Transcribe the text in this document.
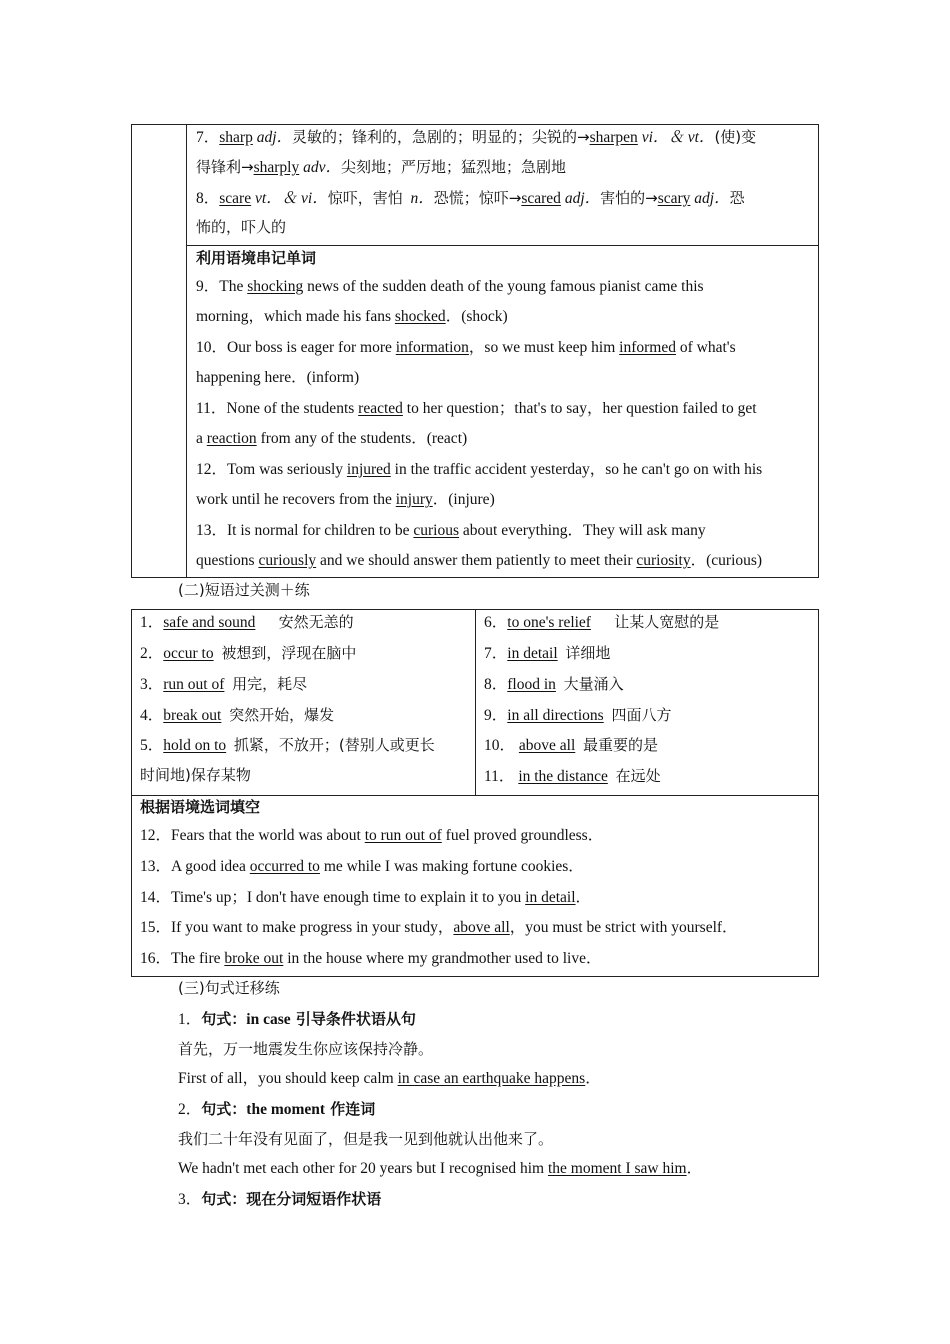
7．sharp adj．灵敏的；锋利的，急剧的；明显的；尖锐的→sharpen vi．＆ vt．(使)变
得锋利→sharply adv．尖刻地；严厉地；猛烈地；急剧地
8．scare vt．＆ vi．惊吓，害怕 n．恐慌；惊吓→scared adj．害怕的→scary adj．恐
怖的，吓人的
利用语境串记单词
9．The shocking news of the sudden death of the young famous pianist came this
morning，which made his fans shocked．(shock)
10．Our boss is eager for more information，so we must keep him informed of what's
happening here．(inform)
11．None of the students reacted to her question；that's to say，her question failed to get
a reaction from any of the students．(react)
12．Tom was seriously injured in the traffic accident yesterday，so he can't go on with his
work until he recovers from the injury．(injure)
13．It is normal for children to be curious about everything．They will ask many
questions curiously and we should answer them patiently to meet their curiosity．(curious)
(二)短语过关测＋练
1．safe and sound 安然无恙的
2．occur to 被想到，浮现在脑中
3．run out of 用完，耗尽
4．break out 突然开始，爆发
5．hold on to 抓紧，不放开；(替别人或更长
时间地)保存某物
6．to one's relief 让某人宽慰的是
7．in detail 详细地
8．flood in 大量涌入
9．in all directions 四面八方
10． above all 最重要的是
11． in the distance 在远处
根据语境选词填空
12．Fears that the world was about to run out of fuel proved groundless．
13．A good idea occurred to me while I was making fortune cookies．
14．Time's up；I don't have enough time to explain it to you in detail．
15．If you want to make progress in your study，above all，you must be strict with yourself．
16．The fire broke out in the house where my grandmother used to live．
(三)句式迁移练
1．句式：in case 引导条件状语从句
首先，万一地震发生你应该保持冷静。
First of all，you should keep calm in case an earthquake happens．
2．句式：the moment 作连词
我们二十年没有见面了，但是我一见到他就认出他来了。
We hadn't met each other for 20 years but I recognised him the moment I saw him．
3．句式：现在分词短语作状语
